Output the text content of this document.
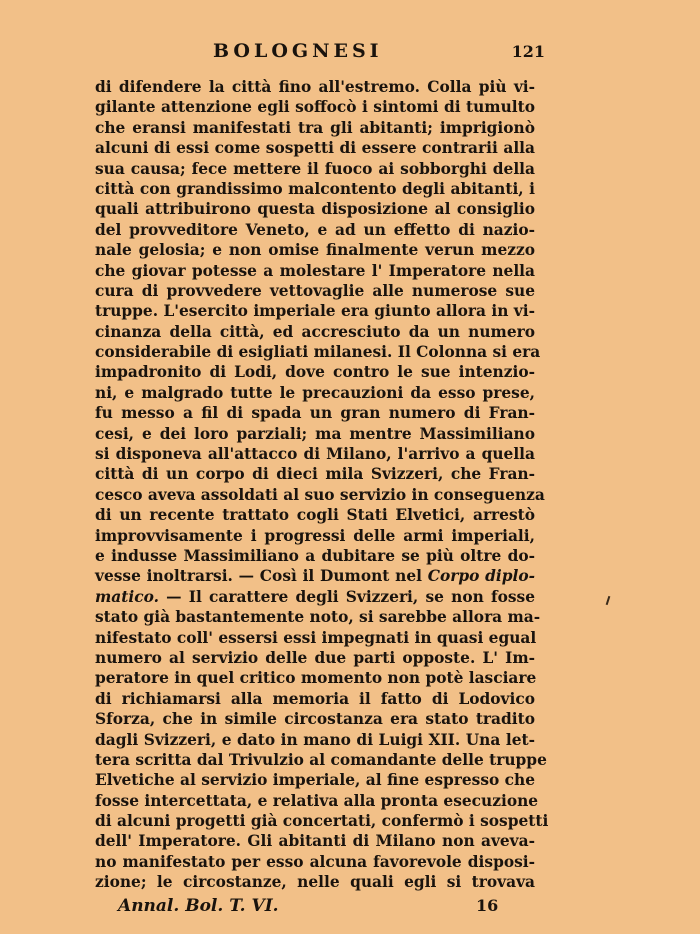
BOLOGNESI	121
di difendere la città fino all'estremo. Colla più vi-
gilante attenzione egli soffocò i sintomi di tumulto
che eransi manifestati tra gli abitanti; imprigionò
alcuni di essi come sospetti di essere contrarii alla
sua causa; fece mettere il fuoco ai sobborghi della
città con grandissimo malcontento degli abitanti, i
quali attribuirono questa disposizione al consiglio
del provveditore Veneto, e ad un effetto di nazio-
nale gelosia; e non omise finalmente verun mezzo
che giovar potesse a molestare l' Imperatore nella
cura di provvedere vettovaglie alle numerose sue
truppe. L'esercito imperiale era giunto allora in vi-
cinanza della città, ed accresciuto da un numero
considerabile di esigliati milanesi. Il Colonna si era
impadronito di Lodi, dove contro le sue intenzio-
ni, e malgrado tutte le precauzioni da esso prese,
fu messo a fil di spada un gran numero di Fran-
cesi, e dei loro parziali; ma mentre Massimiliano
si disponeva all'attacco di Milano, l'arrivo a quella
città di un corpo di dieci mila Svizzeri, che Fran-
cesco aveva assoldati al suo servizio in conseguenza
di un recente trattato cogli Stati Elvetici, arrestò
improvvisamente i progressi delle armi imperiali,
e indusse Massimiliano a dubitare se più oltre do-
vesse inoltrarsi. — Così il Dumont nel Corpo diplo-
matico. — Il carattere degli Svizzeri, se non fosse
stato già bastantemente noto, si sarebbe allora ma-
nifestato coll' essersi essi impegnati in quasi egual
numero al servizio delle due parti opposte. L' Im-
peratore in quel critico momento non potè lasciare
di richiamarsi alla memoria il fatto di Lodovico
Sforza, che in simile circostanza era stato tradito
dagli Svizzeri, e dato in mano di Luigi XII. Una let-
tera scritta dal Trivulzio al comandante delle truppe
Elvetiche al servizio imperiale, al fine espresso che
fosse intercettata, e relativa alla pronta esecuzione
di alcuni progetti già concertati, confermò i sospetti
dell' Imperatore. Gli abitanti di Milano non aveva-
no manifestato per esso alcuna favorevole disposi-
zione; le circostanze, nelle quali egli si trovava
Annal. Bol. T. VI.	16
